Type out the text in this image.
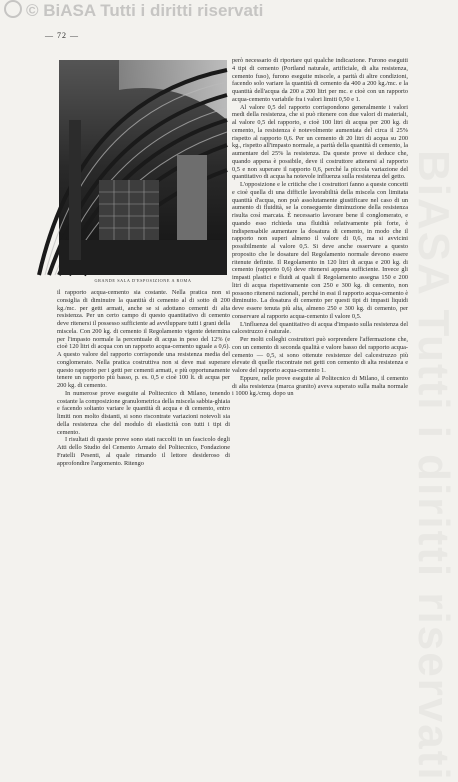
© BiASA Tutti i diritti riservati
BiASA Tutti i diritti riservati
— 72 —
GRANDE SALA D'ESPOSIZIONE A ROMA

il rapporto acqua-cemento sia costante. Nella pratica non si consiglia di diminuire la quantità di cemento al di sotto di 200 kg./mc. per getti armati, anche se si adottano cementi di alta resistenza. Per un certo campo di questo quantitativo di cemento deve ritenersi il possesso sufficiente ad avviluppare tutti i grani della miscela. Con 200 kg. di cemento il Regolamento vigente determina per l'impasto normale la percentuale di acqua in peso del 12% (e cioè 120 litri di acqua con un rapporto acqua-cemento uguale a 0,6). A questo valore del rapporto corrisponde una resistenza media del conglomerato. Nella pratica costruttiva non si deve mai superare questo rapporto per i getti per cementi armati, e più opportunamente tenere un rapporto più basso, p. es. 0,5 e cioè 100 lt. di acqua per 200 kg. di cemento.

In numerose prove eseguite al Politecnico di Milano, tenendo costante la composizione granulometrica della miscela sabbia-ghiaia e facendo soltanto variare le quantità di acqua e di cemento, entro limiti non molto distanti, si sono riscontrate variazioni notevoli sia della resistenza che del modulo di elasticità con tutti i tipi di cemento.

I risultati di queste prove sono stati raccolti in un fascicolo degli Atti dello Studio del Cemento Armato del Politecnico, Fondazione Fratelli Pesenti, al quale rimando il lettore desideroso di approfondire l'argomento. Ritengo

però necessario di riportare qui qualche indicazione. Furono eseguiti 4 tipi di cemento (Portland naturale, artificiale, di alta resistenza, cemento fuso), furono eseguite miscele, a parità di altre condizioni, facendo solo variare la quantità di cemento da 400 a 200 kg./mc. e la quantità dell'acqua da 200 a 200 litri per mc. e cioè con un rapporto acqua-cemento variabile fra i valori limiti 0,50 e 1.

Al valore 0,5 del rapporto corrispondono generalmente i valori medi della resistenza, che si può ritenere con due valori di materiali, al valore 0,5 del rapporto, e cioè 100 litri di acqua per 200 kg. di cemento, la resistenza è notevolmente aumentata del circa il 25% rispetto al rapporto 0,6. Per un cemento di 20 litri di acqua su 200 kg., rispetto all'impasto normale, a parità della quantità di cemento, la aumentare del 25% la resistenza. Da queste prove si deduce che, quando appena è possibile, deve il costruttore attenersi al rapporto 0,5 e non superare il rapporto 0,6, perché la piccola variazione del quantitativo di acqua ha notevole influenza sulla resistenza del getto.

L'opposizione e le critiche che i costruttori fanno a queste concetti e cioè quella di una difficile lavorabilità della miscela con limitata quantità d'acqua, non può assolutamente giustificare nel caso di un aumento di fluidità, se la conseguente diminuzione della resistenza risulta così marcata. È necessario lavorare bene il conglomerato, e quando esso richieda una fluidità relativamente più forte, è indispensabile aumentare la dosatura di cemento, in modo che il rapporto non superi almeno il valore di 0,6, ma si avvicini possibilmente al valore 0,5. Si deve anche osservare a questo proposito che le dosature del Regolamento normale devono essere ritenute definite. Il Regolamento in 120 litri di acqua e 200 kg. di cemento (rapporto 0,6) deve ritenersi appena sufficiente. Invece gli impasti plastici e fluidi ai quali il Regolamento assegna 150 e 200 litri di acqua rispettivamente con 250 e 300 kg. di cemento, non possono ritenersi razionali, perché in essi il rapporto acqua-cemento è diminuito. La dosatura di cemento per questi tipi di impasti liquidi deve essere tenuta più alta, almeno 250 e 300 kg. di cemento, per conservare al rapporto acqua-cemento il valore 0,5.

L'influenza del quantitativo di acqua d'impasto sulla resistenza del calcestruzzo è naturale.

Per molti colleghi costruttori può sorprendere l'affermazione che, con un cemento di seconda qualità e valore basso del rapporto acqua-cemento — 0,5, si sono ottenute resistenze del calcestruzzo più elevate di quelle riscontrate nei getti con cemento di alta resistenza e valore del rapporto acqua-cemento 1.

Eppure, nelle prove eseguite al Politecnico di Milano, il cemento di alta resistenza (marca granito) aveva superato sulla malta normale i 1000 kg./cmq. dopo un
